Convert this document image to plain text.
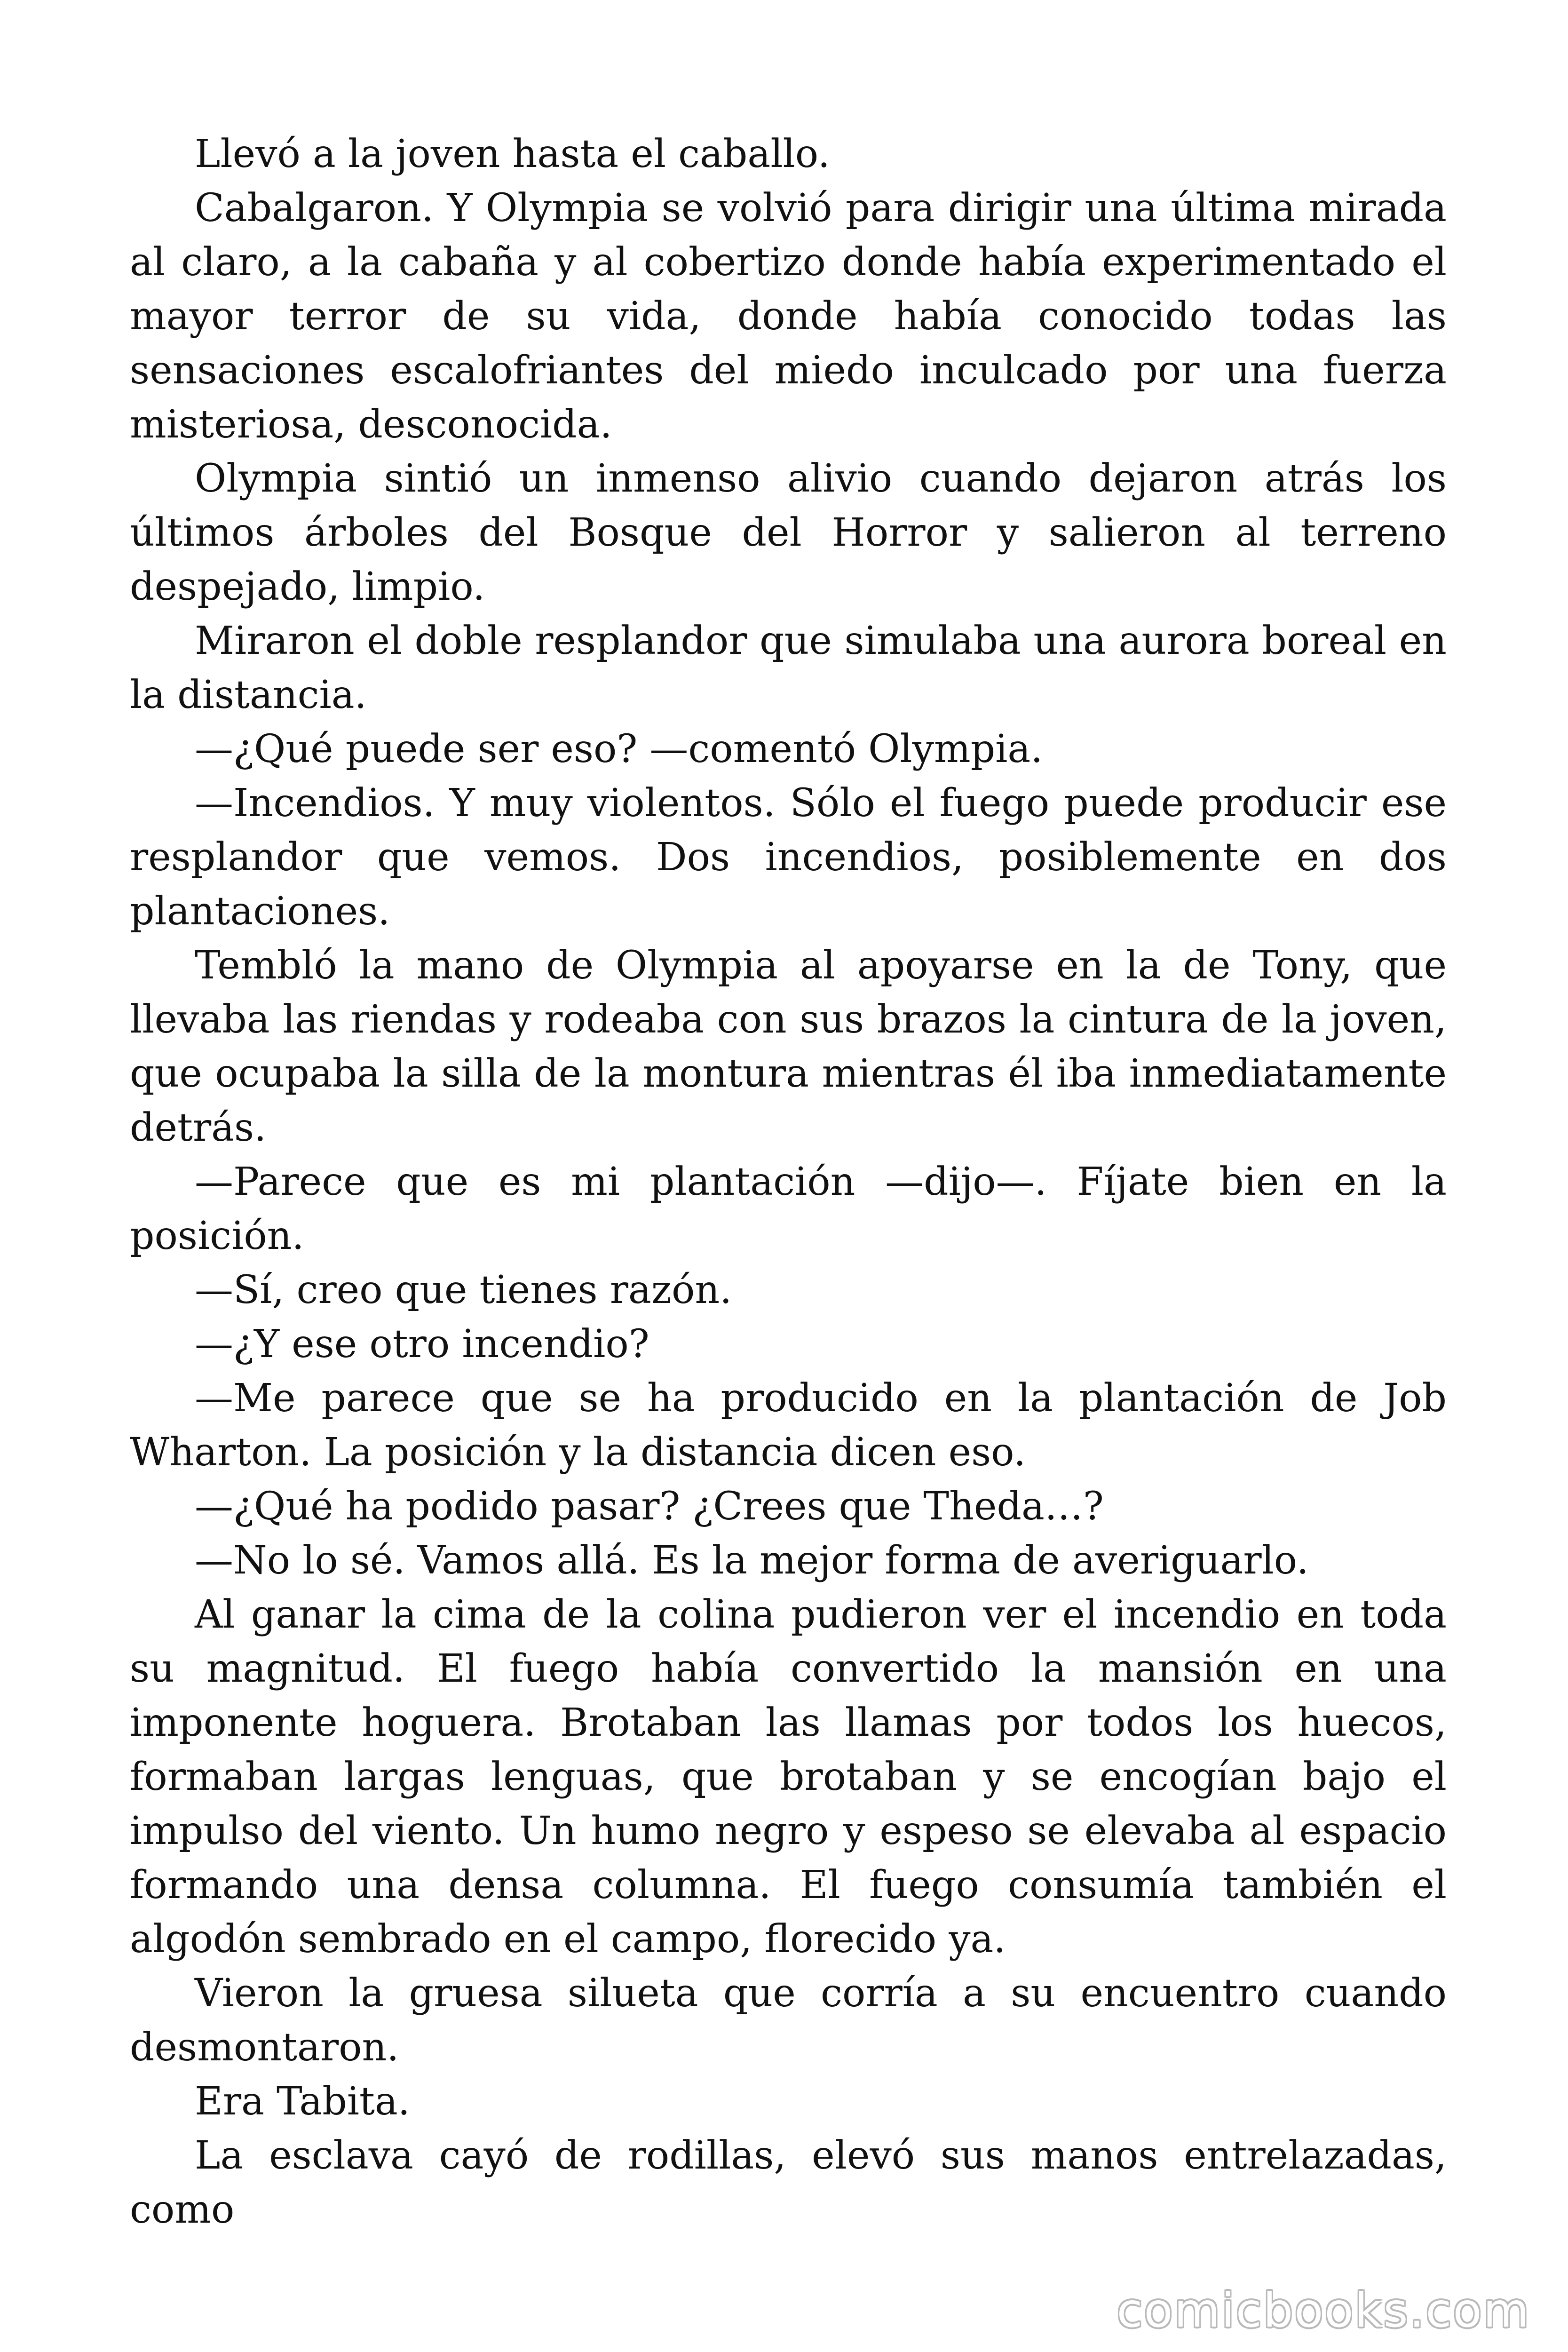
Llevó a la joven hasta el caballo.

Cabalgaron. Y Olympia se volvió para dirigir una última mirada al claro, a la cabaña y al cobertizo donde había experimentado el mayor terror de su vida, donde había conocido todas las sensaciones escalofriantes del miedo inculcado por una fuerza misteriosa, desconocida.

Olympia sintió un inmenso alivio cuando dejaron atrás los últimos árboles del Bosque del Horror y salieron al terreno despejado, limpio.

Miraron el doble resplandor que simulaba una aurora boreal en la distancia.

—¿Qué puede ser eso? —comentó Olympia.

—Incendios. Y muy violentos. Sólo el fuego puede producir ese resplandor que vemos. Dos incendios, posiblemente en dos plantaciones.

Tembló la mano de Olympia al apoyarse en la de Tony, que llevaba las riendas y rodeaba con sus brazos la cintura de la joven, que ocupaba la silla de la montura mientras él iba inmediatamente detrás.

—Parece que es mi plantación —dijo—. Fíjate bien en la posición.

—Sí, creo que tienes razón.

—¿Y ese otro incendio?

—Me parece que se ha producido en la plantación de Job Wharton. La posición y la distancia dicen eso.

—¿Qué ha podido pasar? ¿Crees que Theda…?

—No lo sé. Vamos allá. Es la mejor forma de averiguarlo.

Al ganar la cima de la colina pudieron ver el incendio en toda su magnitud. El fuego había convertido la mansión en una imponente hoguera. Brotaban las llamas por todos los huecos, formaban largas lenguas, que brotaban y se encogían bajo el impulso del viento. Un humo negro y espeso se elevaba al espacio formando una densa columna. El fuego consumía también el algodón sembrado en el campo, florecido ya.

Vieron la gruesa silueta que corría a su encuentro cuando desmontaron.

Era Tabita.

La esclava cayó de rodillas, elevó sus manos entrelazadas, como

comicbooks.com
